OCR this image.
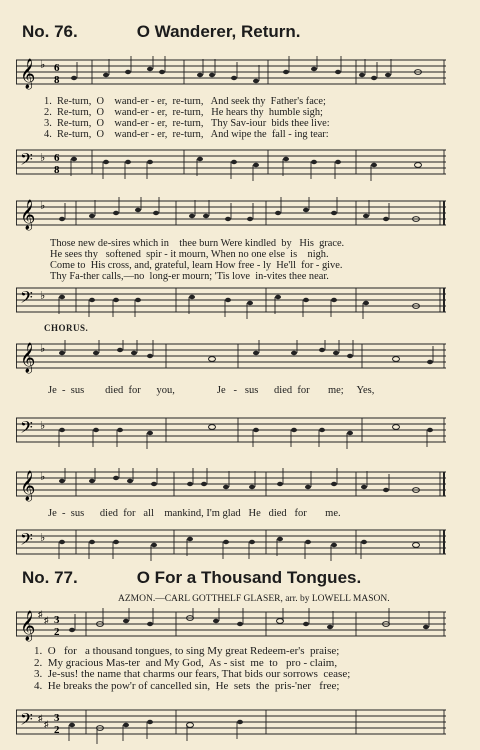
No. 76.	O Wanderer, Return.
𝄞 ♭ 6
8
1.  Re-turn,  O    wand-er - er,  re-turn,   And seek thy  Father's face;
2.  Re-turn,  O    wand-er - er,  re-turn,   He hears thy  humble sigh;
3.  Re-turn,  O    wand-er - er,  re-turn,   Thy Sav-iour  bids thee live:
4.  Re-turn,  O    wand-er - er,  re-turn,   And wipe the  fall - ing tear:
𝄢 ♭ 6
8
𝄞 ♭
Those new de-sires which in    thee burn Were kindled  by   His  grace.
He sees thy   softened  spir - it mourn, When no one else  is    nigh.
Come to  His cross, and, grateful, learn How free - ly  He'll  for - give.
Thy Fa-ther calls,—no  long-er mourn; 'Tis love  in-vites thee near.
𝄢 ♭
CHORUS.
𝄞 ♭
Je  -  sus        died  for      you,                Je   -   sus      died  for       me;     Yes,
𝄢 ♭
𝄞 ♭
Je  -  sus      died  for   all    mankind, I'm glad   He   died   for       me.
𝄢 ♭
No. 77.	O For a Thousand Tongues.
AZMON.—CARL GOTTHELF GLASER, arr. by LOWELL MASON.
𝄞 ♯
♯ 3
2
1.  O   for   a thousand tongues, to sing My great Redeem-er's  praise;
2.  My gracious Mas-ter  and My God,  As - sist  me  to   pro - claim,
3.  Je-sus! the name that charms our fears, That bids our sorrows  cease;
4.  He breaks the pow'r of cancelled sin,  He  sets  the  pris-'ner   free;
𝄢 ♯
♯ 3
2
